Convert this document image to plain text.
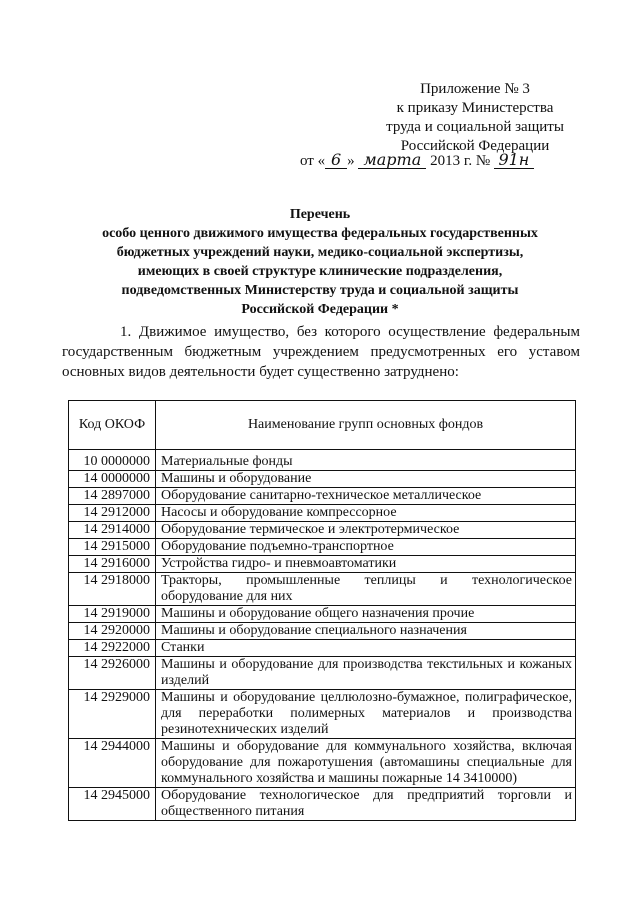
Приложение № 3
к приказу Министерства
труда и социальной защиты
Российской Федерации
от « 6 » марта 2013 г. № 91н
Перечень
особо ценного движимого имущества федеральных государственных
бюджетных учреждений науки, медико-социальной экспертизы,
имеющих в своей структуре клинические подразделения,
подведомственных Министерству труда и социальной защиты
Российской Федерации *
1. Движимое имущество, без которого осуществление федеральным государственным бюджетным учреждением предусмотренных его уставом основных видов деятельности будет существенно затруднено:
Код ОКОФ	Наименование групп основных фондов
10 0000000	Материальные фонды
14 0000000	Машины и оборудование
14 2897000	Оборудование санитарно-техническое металлическое
14 2912000	Насосы и оборудование компрессорное
14 2914000	Оборудование термическое и электротермическое
14 2915000	Оборудование подъемно-транспортное
14 2916000	Устройства гидро- и пневмоавтоматики
14 2918000	Тракторы, промышленные теплицы и технологическое оборудование для них
14 2919000	Машины и оборудование общего назначения прочие
14 2920000	Машины и оборудование специального назначения
14 2922000	Станки
14 2926000	Машины и оборудование для производства текстильных и кожаных изделий
14 2929000	Машины и оборудование целлюлозно-бумажное, полиграфическое, для переработки полимерных материалов и производства резинотехнических изделий
14 2944000	Машины и оборудование для коммунального хозяйства, включая оборудование для пожаротушения (автомашины специальные для коммунального хозяйства и машины пожарные 14 3410000)
14 2945000	Оборудование технологическое для предприятий торговли и общественного питания
